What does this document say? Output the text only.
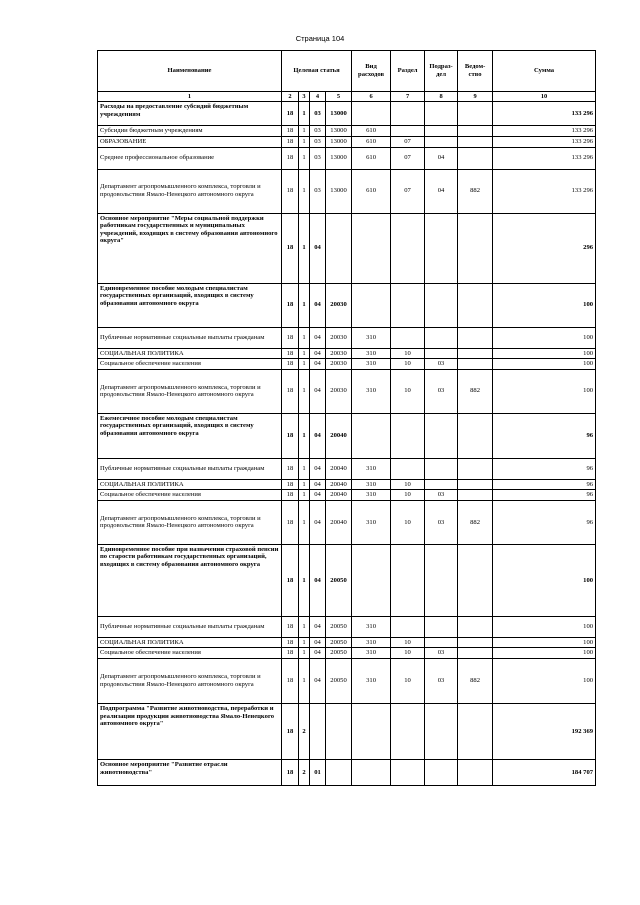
Страница 104
Наименование	Целевая статья				Вид расходов	Раздел	Подраз-дел	Ведом-ство	Сумма
1	2	3	4	5	6	7	8	9	10
Расходы на предоставление субсидий бюджетным учреждениям	18	1	03	13000					133 296
Субсидии бюджетным учреждениям	18	1	03	13000	610				133 296
ОБРАЗОВАНИЕ	18	1	03	13000	610	07			133 296
Среднее профессиональное образование	18	1	03	13000	610	07	04		133 296
Департамент агропромышленного комплекса, торговли и продовольствия Ямало-Ненецкого автономного округа	18	1	03	13000	610	07	04	882	133 296
Основное мероприятие "Меры социальной поддержки работникам государственных и муниципальных учреждений, входящих в систему образования автономного округа"	18	1	04						296
Единовременное пособие молодым специалистам государственных организаций, входящих в систему образования автономного округа	18	1	04	20030					100
Публичные нормативные социальные выплаты гражданам	18	1	04	20030	310				100
СОЦИАЛЬНАЯ ПОЛИТИКА	18	1	04	20030	310	10			100
Социальное обеспечение населения	18	1	04	20030	310	10	03		100
Департамент агропромышленного комплекса, торговли и продовольствия Ямало-Ненецкого автономного округа	18	1	04	20030	310	10	03	882	100
Ежемесячное пособие молодым специалистам государственных организаций, входящих в систему образования автономного округа	18	1	04	20040					96
Публичные нормативные социальные выплаты гражданам	18	1	04	20040	310				96
СОЦИАЛЬНАЯ ПОЛИТИКА	18	1	04	20040	310	10			96
Социальное обеспечение населения	18	1	04	20040	310	10	03		96
Департамент агропромышленного комплекса, торговли и продовольствия Ямало-Ненецкого автономного округа	18	1	04	20040	310	10	03	882	96
Единовременное пособие при назначении страховой пенсии по старости работникам государственных организаций, входящих в систему образования автономного округа	18	1	04	20050					100
Публичные нормативные социальные выплаты гражданам	18	1	04	20050	310				100
СОЦИАЛЬНАЯ ПОЛИТИКА	18	1	04	20050	310	10			100
Социальное обеспечение населения	18	1	04	20050	310	10	03		100
Департамент агропромышленного комплекса, торговли и продовольствия Ямало-Ненецкого автономного округа	18	1	04	20050	310	10	03	882	100
Подпрограмма "Развитие животноводства, переработки и реализации продукции животноводства Ямало-Ненецкого автономного округа"	18	2							192 369
Основное мероприятие "Развитие отрасли животноводства"	18	2	01						184 707
